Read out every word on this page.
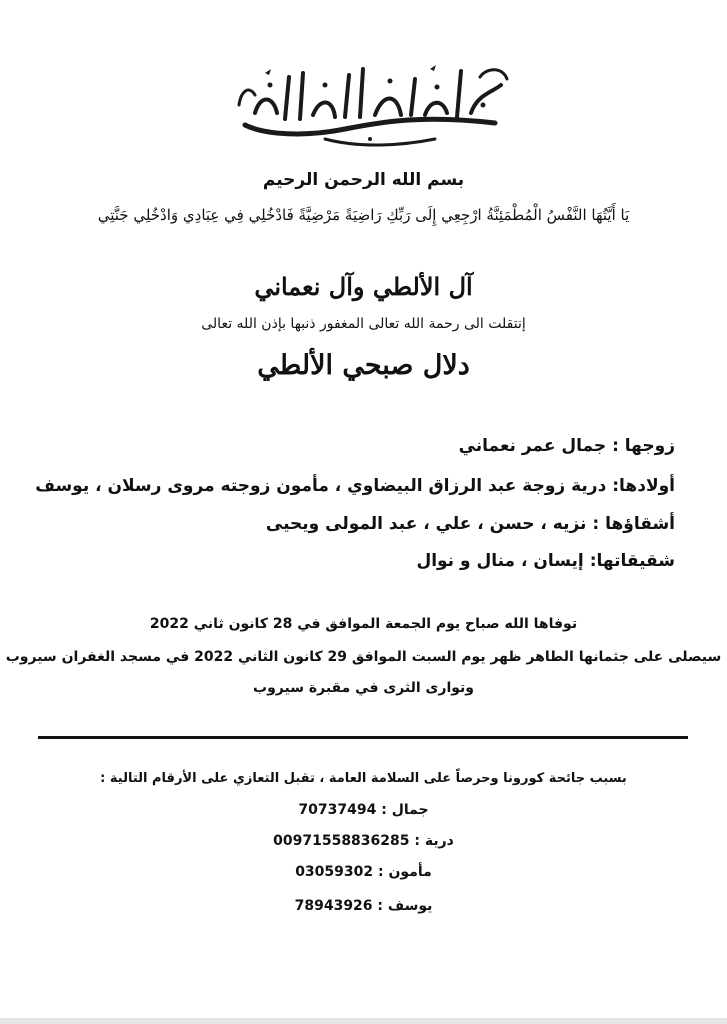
بسم الله الرحمن الرحيم
يَا أَيَّتُهَا النَّفْسُ الْمُطْمَئِنَّةُ ارْجِعِي إِلَى رَبِّكِ رَاضِيَةً مَرْضِيَّةً فَادْخُلِي فِي عِبَادِي وَادْخُلِي جَنَّتِي
آل الألطي وآل نعماني
إنتقلت الى رحمة الله تعالى المغفور ذنبها بإذن الله تعالى
دلال صبحي الألطي
زوجها : جمال عمر نعماني
أولادها: درية زوجة عبد الرزاق البيضاوي ، مأمون زوجته مروى رسلان ، يوسف
أشقاؤها : نزيه ، حسن ، علي ، عبد المولى ويحيى
شقيقاتها: إيسان ، منال و نوال
توفاها الله صباح يوم الجمعة الموافق في 28 كانون ثاني 2022
سيصلى على جثمانها الطاهر ظهر يوم السبت الموافق 29 كانون الثاني 2022 في مسجد الغفران سيروب
وتوارى الثرى في مقبرة سيروب
بسبب جائحة كورونا وحرصاً على السلامة العامة ، تقبل التعازي على الأرقام التالية :
جمال : 70737494
درية : 00971558836285
مأمون : 03059302
يوسف : 78943926
